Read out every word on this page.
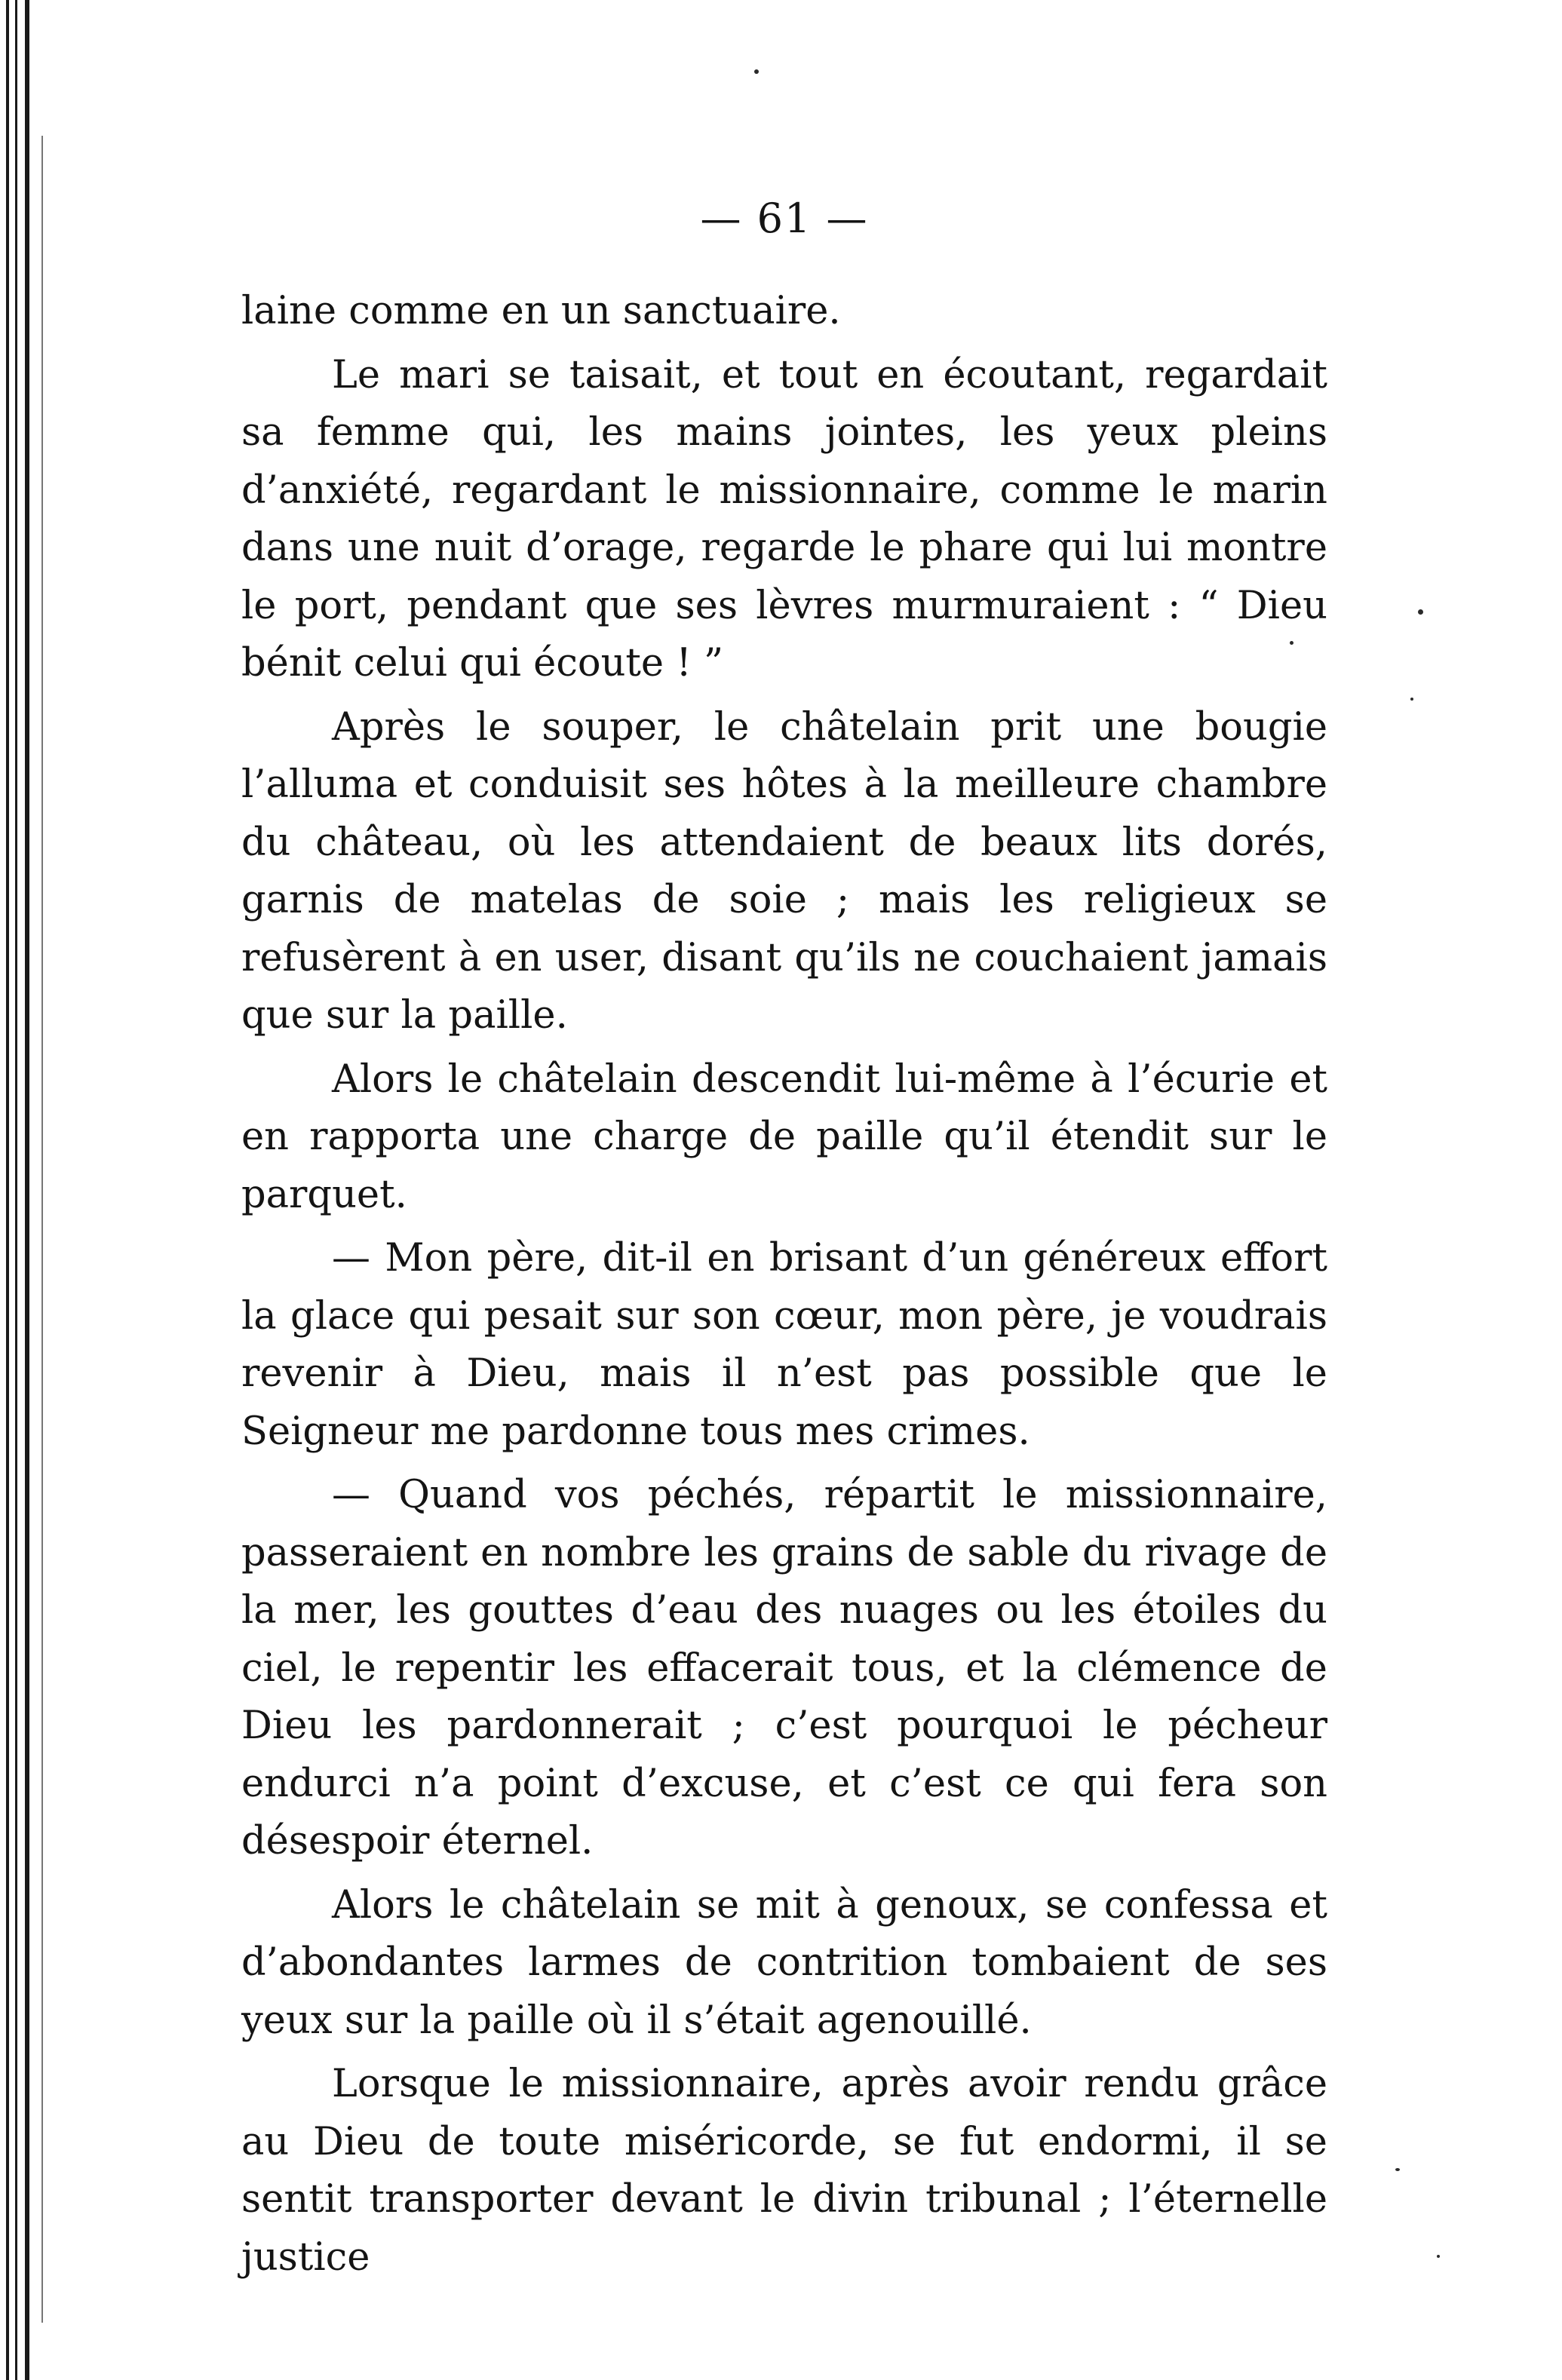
— 61 —

laine comme en un sanctuaire.

Le mari se taisait, et tout en écoutant, regardait sa femme qui, les mains jointes, les yeux pleins d’anxiété, regardant le missionnaire, comme le marin dans une nuit d’orage, regarde le phare qui lui montre le port, pendant que ses lèvres murmuraient : “ Dieu bénit celui qui écoute ! ”

Après le souper, le châtelain prit une bougie l’alluma et conduisit ses hôtes à la meilleure chambre du château, où les attendaient de beaux lits dorés, garnis de matelas de soie ; mais les religieux se refusèrent à en user, disant qu’ils ne couchaient jamais que sur la paille.

Alors le châtelain descendit lui-même à l’écurie et en rapporta une charge de paille qu’il étendit sur le parquet.

— Mon père, dit-il en brisant d’un généreux effort la glace qui pesait sur son cœur, mon père, je voudrais revenir à Dieu, mais il n’est pas possible que le Seigneur me pardonne tous mes crimes.

— Quand vos péchés, répartit le missionnaire, passeraient en nombre les grains de sable du rivage de la mer, les gouttes d’eau des nuages ou les étoiles du ciel, le repentir les effacerait tous, et la clémence de Dieu les pardonnerait ; c’est pourquoi le pécheur endurci n’a point d’excuse, et c’est ce qui fera son désespoir éternel.

Alors le châtelain se mit à genoux, se confessa et d’abondantes larmes de contrition tombaient de ses yeux sur la paille où il s’était agenouillé.

Lorsque le missionnaire, après avoir rendu grâce au Dieu de toute miséricorde, se fut endormi, il se sentit transporter devant le divin tribunal ; l’éternelle justice
